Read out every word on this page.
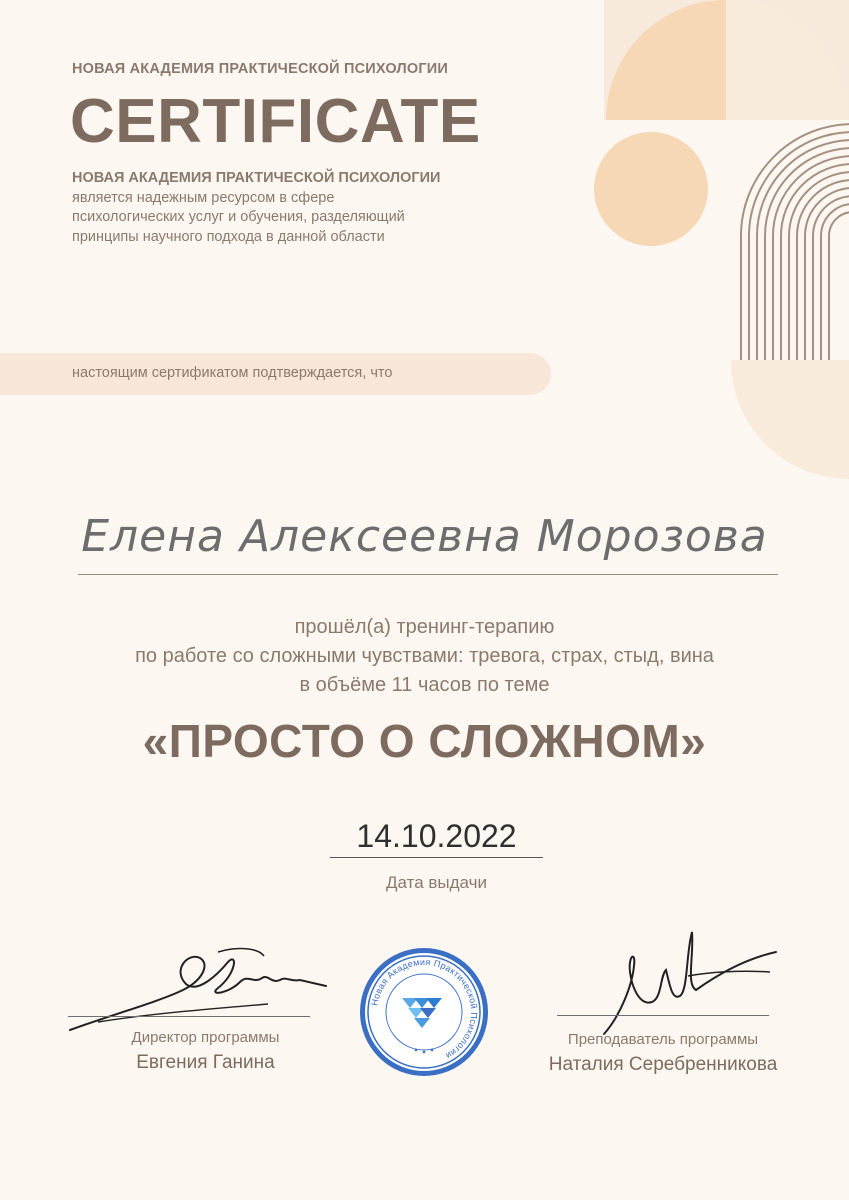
НОВАЯ АКАДЕМИЯ ПРАКТИЧЕСКОЙ ПСИХОЛОГИИ
CERTIFICATE
НОВАЯ АКАДЕМИЯ ПРАКТИЧЕСКОЙ ПСИХОЛОГИИ
является надежным ресурсом в сфере
психологических услуг и обучения, разделяющий
принципы научного подхода в данной области
настоящим сертификатом подтверждается, что
Елена Алексеевна Морозова
прошёл(а) тренинг-терапию
по работе со сложными чувствами: тревога, страх, стыд, вина
в объёме 11 часов по теме
«ПРОСТО О СЛОЖНОМ»
14.10.2022
Дата выдачи
Директор программы
Евгения Ганина
Новая Академия Практической Психологии
Преподаватель программы
Наталия Серебренникова
